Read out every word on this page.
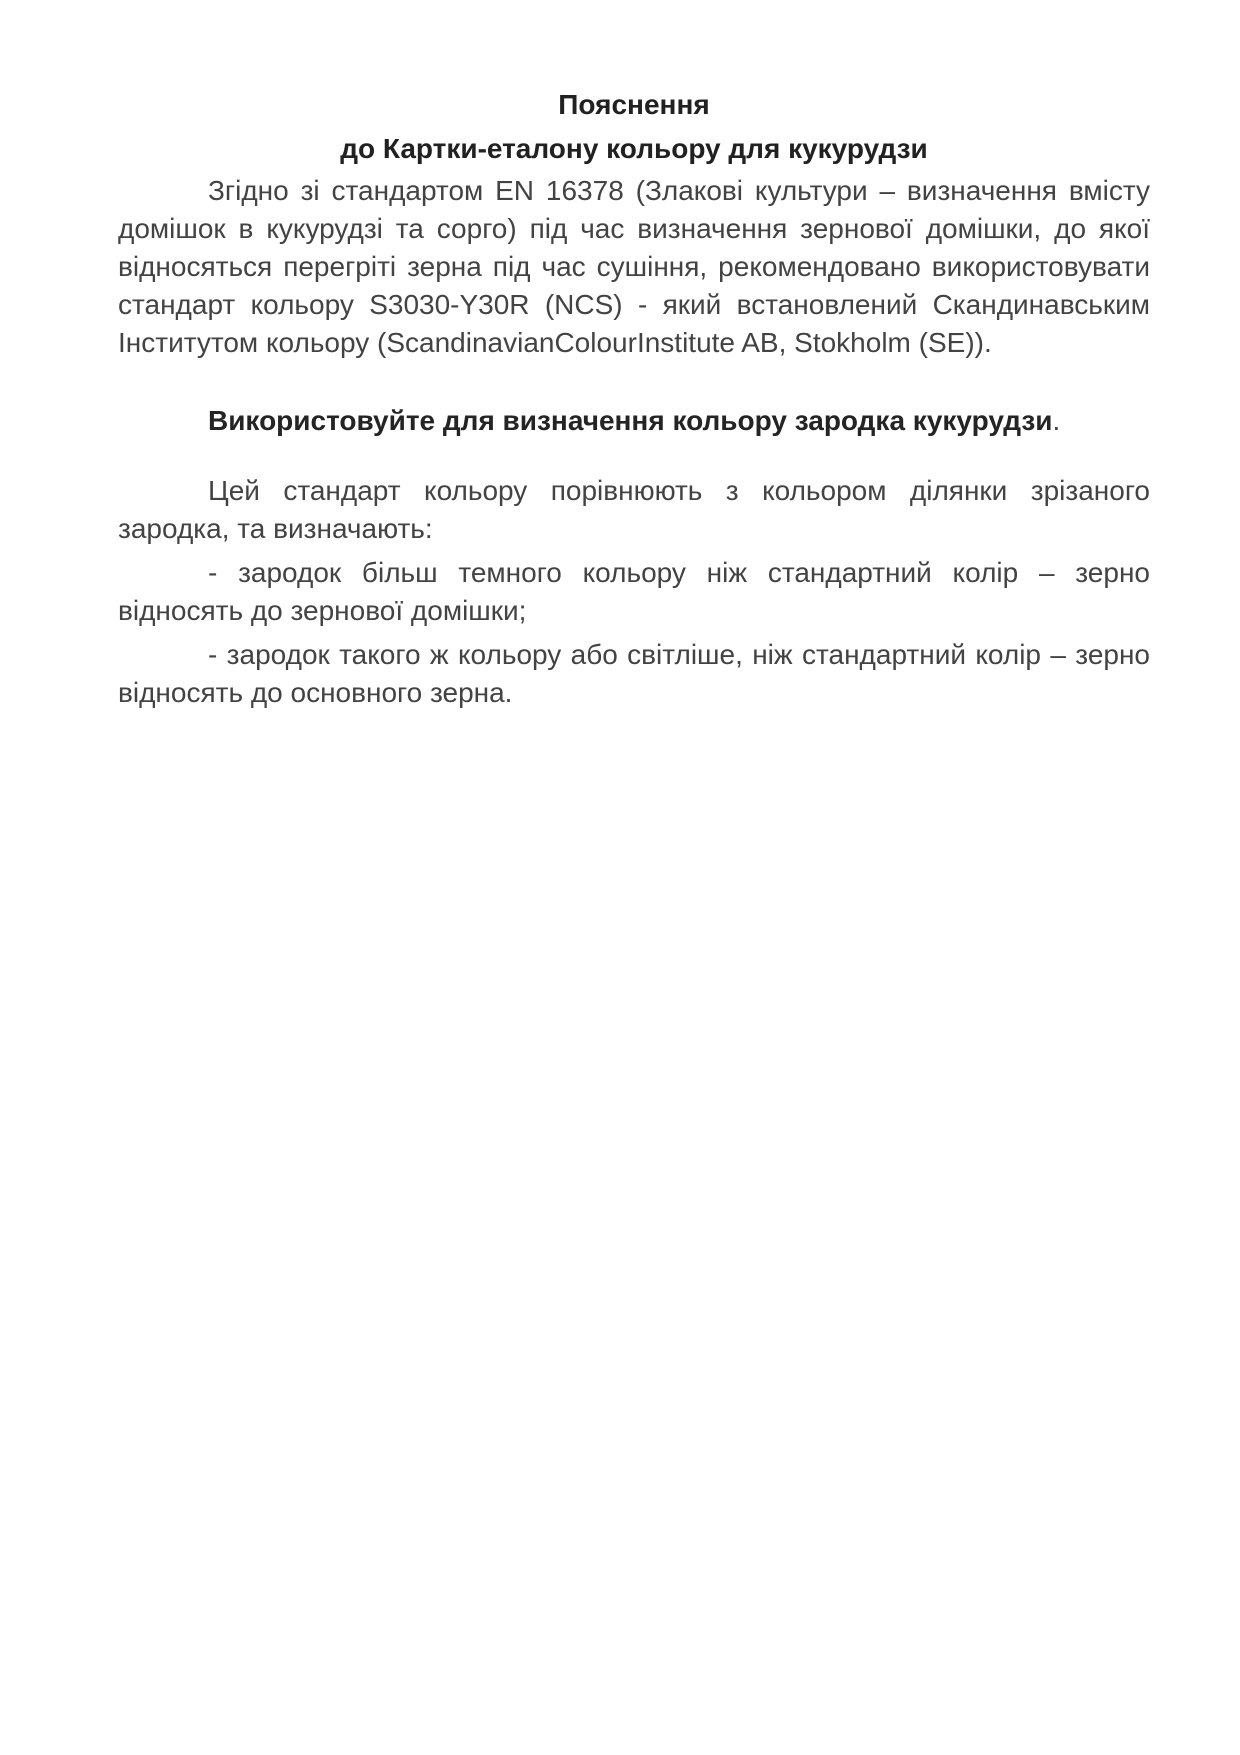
Пояснення
до Картки-еталону кольору для кукурудзи

Згідно зі стандартом EN 16378 (Злакові культури – визначення вмісту домішок в кукурудзі та сорго) під час визначення зернової домішки, до якої відносяться перегріті зерна під час сушіння, рекомендовано використовувати стандарт кольору S3030-Y30R (NCS) - який встановлений Скандинавським Інститутом кольору (ScandinavianColourInstitute AB, Stokholm (SE)).

Використовуйте для визначення кольору зародка кукурудзи.

Цей стандарт кольору порівнюють з кольором ділянки зрізаного зародка, та визначають:

- зародок більш темного кольору ніж стандартний колір – зерно відносять до зернової домішки;

- зародок такого ж кольору або світліше, ніж стандартний колір – зерно відносять до основного зерна.
